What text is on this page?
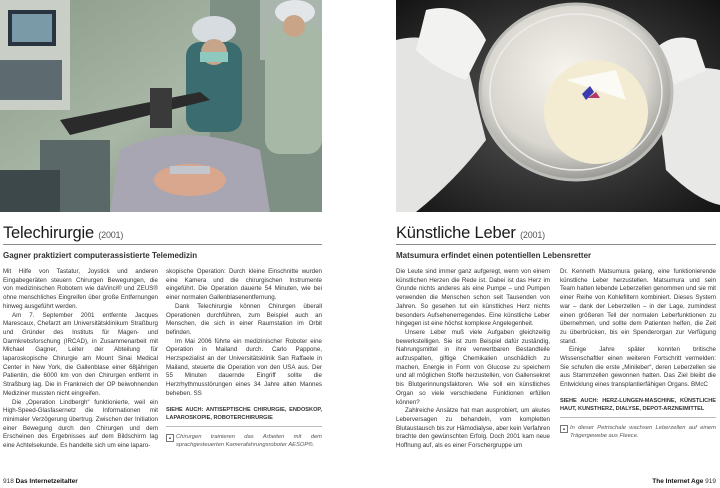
Telechirurgie (2001)
Gagner praktiziert computerassistierte Telemedizin

Mit Hilfe von Tastatur, Joystick und anderen Eingabegeräten steuern Chirurgen Bewegungen, die von medizinischen Robotern wie daVinci® und ZEUS® ohne menschliches Eingreifen über große Entfernungen hinweg ausgeführt werden.

Am 7. September 2001 entfernte Jacques Marescaux, Chefarzt am Universitätsklinikum Straßburg und Gründer des Instituts für Magen- und Darmkrebsforschung (IRCAD), in Zusammenarbeit mit Michael Gagner, Leiter der Abteilung für laparoskopische Chirurgie am Mount Sinai Medical Center in New York, die Gallenblase einer 68jährigen Patientin, die 6000 km von den Chirurgen entfernt in Straßburg lag. Die in Frankreich der OP beiwohnenden Mediziner mussten nicht eingreifen.

Die „Operation Lindbergh“ funktionierte, weil ein High-Speed-Glasfasernetz die Informationen mit minimaler Verzögerung übertrug. Zwischen der Initiation einer Bewegung durch den Chirurgen und dem Erscheinen des Ergebnisses auf dem Bildschirm lag eine Achtelsekunde. Es handelte sich um eine laparo-

skopische Operation: Durch kleine Einschnitte wurden eine Kamera und die chirurgischen Instrumente eingeführt. Die Operation dauerte 54 Minuten, wie bei einer normalen Gallenblasenentfernung.

Dank Telechirurgie können Chirurgen überall Operationen durchführen, zum Beispiel auch an Menschen, die sich in einer Raumstation im Orbit befinden.

Im Mai 2006 führte ein medizinischer Roboter eine Operation in Mailand durch. Carlo Pappone, Herzspezialist an der Universitätsklinik San Raffaele in Mailand, steuerte die Operation von den USA aus. Der 55 Minuten dauernde Eingriff sollte die Herzrhythmusstörungen eines 34 Jahre alten Mannes beheben. SS

SIEHE AUCH: ANTISEPTISCHE CHIRURGIE, ENDOSKOP, LAPAROSKOPIE, ROBOTERCHIRURGIE
▲ Chirurgen trainieren das Arbeiten mit dem sprachgesteuerten Kamerafahrungsroboter AESOP®.
918 Das Internetzeitalter
Künstliche Leber (2001)
Matsumura erfindet einen potentiellen Lebensretter

Die Leute sind immer ganz aufgeregt, wenn von einem künstlichen Herzen die Rede ist. Dabei ist das Herz im Grunde nichts anderes als eine Pumpe – und Pumpen verwenden die Menschen schon seit Tausenden von Jahren. So gesehen tut ein künstliches Herz nichts besonders Aufsehenerregendes. Eine künstliche Leber hingegen ist eine höchst komplexe Angelegenheit.

Unsere Leber muß viele Aufgaben gleichzeitig bewerkstelligen. Sie ist zum Beispiel dafür zuständig, Nahrungsmittel in ihre verwertbaren Bestandteile aufzuspalten, giftige Chemikalien unschädlich zu machen, Energie in Form von Glucose zu speichern und all möglichen Stoffe herzustellen, von Gallensekret bis Blutgerinnungsfaktoren. Wie soll ein künstliches Organ so viele verschiedene Funktionen erfüllen können?

Zahlreiche Ansätze hat man ausprobiert, um akutes Leberversagen zu behandeln, vom kompletten Blutaustausch bis zur Hämodialyse, aber kein Verfahren brachte den gewünschten Erfolg. Doch 2001 kam neue Hoffnung auf, als es einer Forschergruppe um

Dr. Kenneth Matsumura gelang, eine funktionierende künstliche Leber herzustellen. Matsumura und sein Team hatten lebende Leberzellen genommen und sie mit einer Reihe von Kohlefiltern kombiniert. Dieses System war – dank der Leberzellen – in der Lage, zumindest einen größeren Teil der normalen Leberfunktionen zu übernehmen, und sollte dem Patienten helfen, die Zeit zu überbrücken, bis ein Spenderorgan zur Verfügung stand.

Einige Jahre später konnten britische Wissenschaftler einen weiteren Fortschritt vermelden: Sie schufen die erste „Minileber“, deren Leberzellen sie aus Stammzellen gewonnen hatten. Das Ziel bleibt die Entwicklung eines transplantierfähigen Organs. BMcC

SIEHE AUCH: HERZ-LUNGEN-MASCHINE, KÜNSTLICHE HAUT, KUNSTHERZ, DIALYSE, DEPOT-ARZNEIMITTEL
▲ In dieser Petrischale wachsen Leberzellen auf einem Trägergewebe aus Fleece.
The Internet Age 919
